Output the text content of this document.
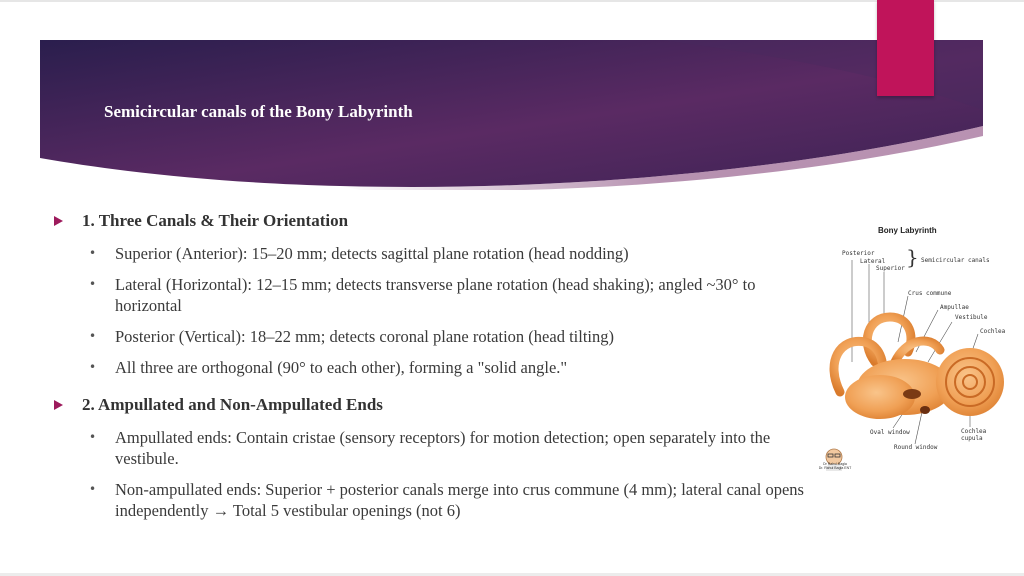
Semicircular canals of the Bony Labyrinth
1. Three Canals & Their Orientation
• Superior (Anterior): 15–20 mm; detects sagittal plane rotation (head nodding)
• Lateral (Horizontal): 12–15 mm; detects transverse plane rotation (head shaking); angled ~30° to horizontal
• Posterior (Vertical): 18–22 mm; detects coronal plane rotation (head tilting)
• All three are orthogonal (90° to each other), forming a "solid angle."
2. Ampullated and Non-Ampullated Ends
• Ampullated ends: Contain cristae (sensory receptors) for motion detection; open separately into the vestibule.
• Non-ampullated ends: Superior + posterior canals merge into crus commune (4 mm); lateral canal opens independently → Total 5 vestibular openings (not 6)
Bony Labyrinth
Posterior
Lateral
Superior } Semicircular canals
Crus commune
Ampullae
Vestibule
Cochlea
Oval window
Round window
Cochlea
cupula
Dr Rahul Bagla
Dr. Rahul Bagla ENT
